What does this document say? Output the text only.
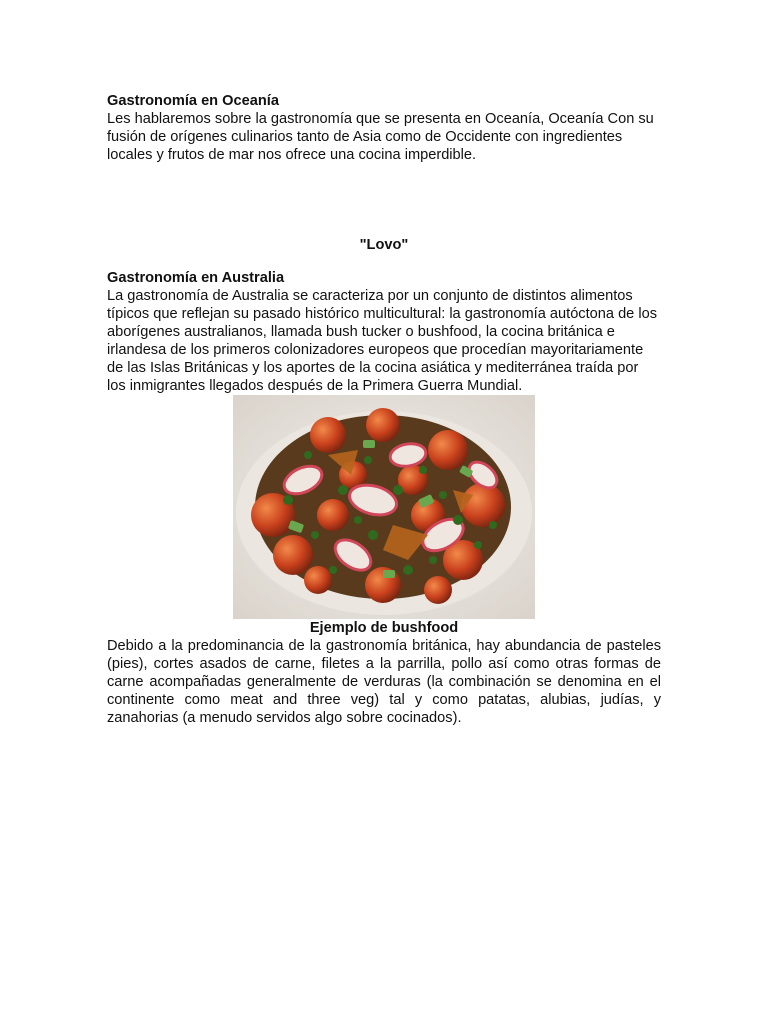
Gastronomía en Oceanía

Les hablaremos sobre la gastronomía que se presenta en Oceanía, Oceanía Con su fusión de orígenes culinarios tanto de Asia como de Occidente con ingredientes locales y frutos de mar nos ofrece una cocina imperdible.

"Lovo"

Gastronomía en Australia

La gastronomía de Australia se caracteriza por un conjunto de distintos alimentos típicos que reflejan su pasado histórico multicultural: la gastronomía autóctona de los aborígenes australianos, llamada bush tucker o bushfood, la cocina británica e irlandesa de los primeros colonizadores europeos que procedían mayoritariamente de las Islas Británicas y los aportes de la cocina asiática y mediterránea traída por los inmigrantes llegados después de la Primera Guerra Mundial.

Ejemplo de bushfood

Debido a la predominancia de la gastronomía británica, hay abundancia de pasteles (pies), cortes asados de carne, filetes a la parrilla, pollo así como otras formas de carne acompañadas generalmente de verduras (la combinación se denomina en el continente como meat and three veg) tal y como patatas, alubias, judías, y zanahorias (a menudo servidos algo sobre cocinados).
